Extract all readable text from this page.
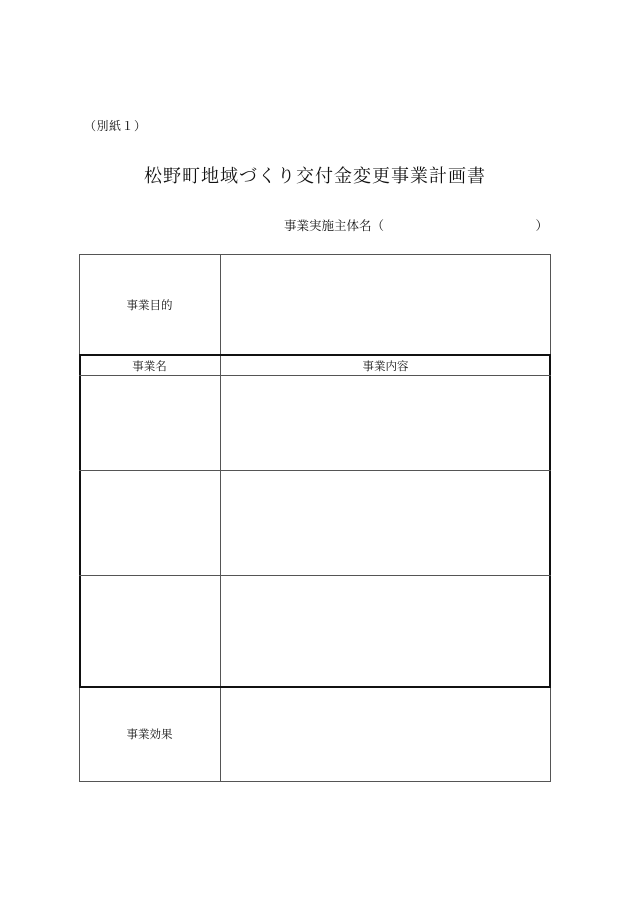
（別紙１）
松野町地域づくり交付金変更事業計画書
事業実施主体名（	）
事業目的
事業名	事業内容
事業効果
